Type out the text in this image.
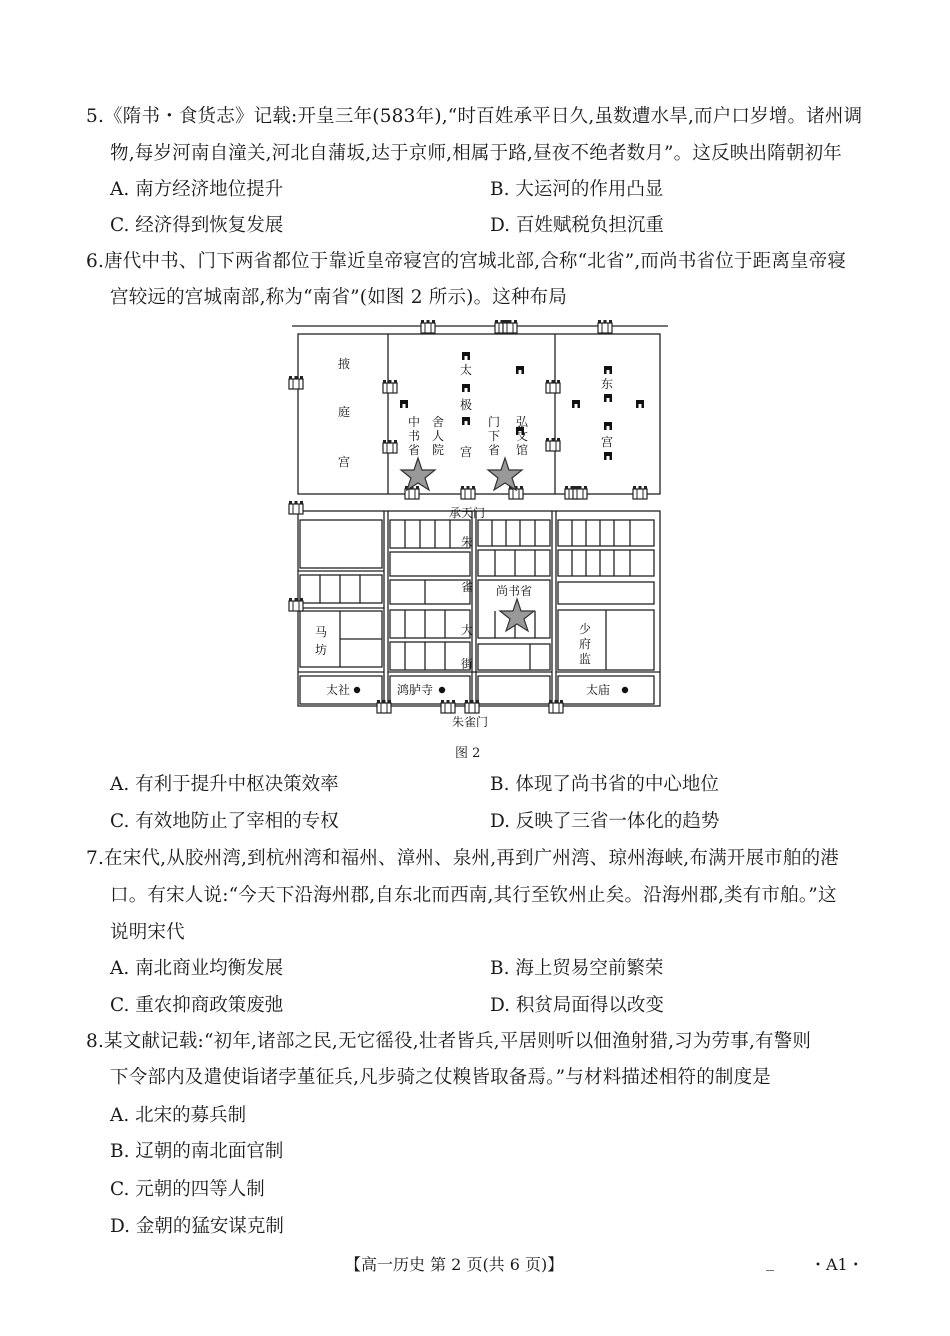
5.《隋书・食货志》记载:开皇三年(583年),“时百姓承平日久,虽数遭水旱,而户口岁增。诸州调
物,每岁河南自潼关,河北自蒲坂,达于京师,相属于路,昼夜不绝者数月”。这反映出隋朝初年
A. 南方经济地位提升	B. 大运河的作用凸显
C. 经济得到恢复发展	D. 百姓赋税负担沉重
6.唐代中书、门下两省都位于靠近皇帝寝宫的宫城北部,合称“北省”,而尚书省位于距离皇帝寝
宫较远的宫城南部,称为“南省”(如图 2 所示)。这种布局
掖
庭
宫
太
极
宫
东
宫
中
书
省
舍
人
院
门
下
省
弘
文
馆
承天门
朱
雀
大
街
尚书省
马
坊
少
府
监
太社	鸿胪寺	太庙
朱雀门
图 2
A. 有利于提升中枢决策效率	B. 体现了尚书省的中心地位
C. 有效地防止了宰相的专权	D. 反映了三省一体化的趋势
7.在宋代,从胶州湾,到杭州湾和福州、漳州、泉州,再到广州湾、琼州海峡,布满开展市舶的港
口。有宋人说:“今天下沿海州郡,自东北而西南,其行至钦州止矣。沿海州郡,类有市舶。”这
说明宋代
A. 南北商业均衡发展	B. 海上贸易空前繁荣
C. 重农抑商政策废弛	D. 积贫局面得以改变
8.某文献记载:“初年,诸部之民,无它徭役,壮者皆兵,平居则听以佃渔射猎,习为劳事,有警则
下令部内及遣使诣诸孛堇征兵,凡步骑之仗糗皆取备焉。”与材料描述相符的制度是
A. 北宋的募兵制
B. 辽朝的南北面官制
C. 元朝的四等人制
D. 金朝的猛安谋克制
【高一历史 第 2 页(共 6 页)】	_ ・A1・
